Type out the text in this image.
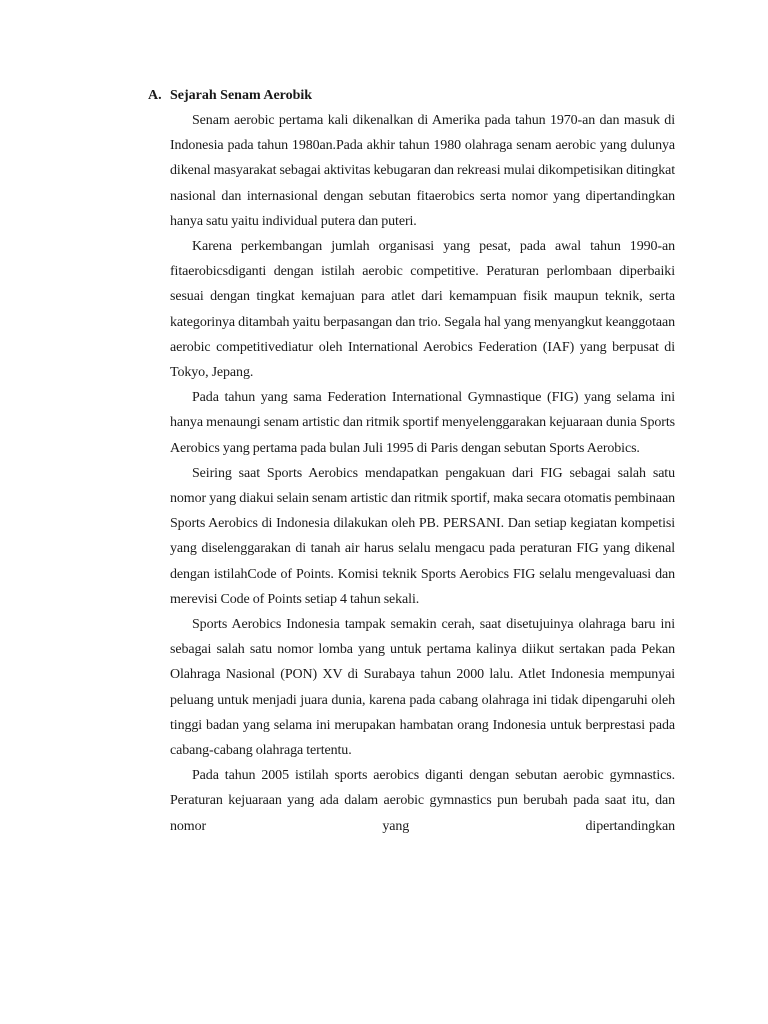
A. Sejarah Senam Aerobik

Senam aerobic pertama kali dikenalkan di Amerika pada tahun 1970-an dan masuk di Indonesia pada tahun 1980an.Pada akhir tahun 1980 olahraga senam aerobic yang dulunya dikenal masyarakat sebagai aktivitas kebugaran dan rekreasi mulai dikompetisikan ditingkat nasional dan internasional dengan sebutan fitaerobics serta nomor yang dipertandingkan hanya satu yaitu individual putera dan puteri.

Karena perkembangan jumlah organisasi yang pesat, pada awal tahun 1990-an fitaerobicsdiganti dengan istilah aerobic competitive. Peraturan perlombaan diperbaiki sesuai dengan tingkat kemajuan para atlet dari kemampuan fisik maupun teknik, serta kategorinya ditambah yaitu berpasangan dan trio. Segala hal yang menyangkut keanggotaan aerobic competitivediatur oleh International Aerobics Federation (IAF) yang berpusat di Tokyo, Jepang.

Pada tahun yang sama Federation International Gymnastique (FIG) yang selama ini hanya menaungi senam artistic dan ritmik sportif menyelenggarakan kejuaraan dunia Sports Aerobics yang pertama pada bulan Juli 1995 di Paris dengan sebutan Sports Aerobics.

Seiring saat Sports Aerobics mendapatkan pengakuan dari FIG sebagai salah satu nomor yang diakui selain senam artistic dan ritmik sportif, maka secara otomatis pembinaan Sports Aerobics di Indonesia dilakukan oleh PB. PERSANI. Dan setiap kegiatan kompetisi yang diselenggarakan di tanah air harus selalu mengacu pada peraturan FIG yang dikenal dengan istilahCode of Points. Komisi teknik Sports Aerobics FIG selalu mengevaluasi dan merevisi Code of Points setiap 4 tahun sekali.

Sports Aerobics Indonesia tampak semakin cerah, saat disetujuinya olahraga baru ini sebagai salah satu nomor lomba yang untuk pertama kalinya diikut sertakan pada Pekan Olahraga Nasional (PON) XV di Surabaya tahun 2000 lalu. Atlet Indonesia mempunyai peluang untuk menjadi juara dunia, karena pada cabang olahraga ini tidak dipengaruhi oleh tinggi badan yang selama ini merupakan hambatan orang Indonesia untuk berprestasi pada cabang-cabang olahraga tertentu.

Pada tahun 2005 istilah sports aerobics diganti dengan sebutan aerobic gymnastics. Peraturan kejuaraan yang ada dalam aerobic gymnastics pun berubah pada saat itu, dan nomor yang dipertandingkan
